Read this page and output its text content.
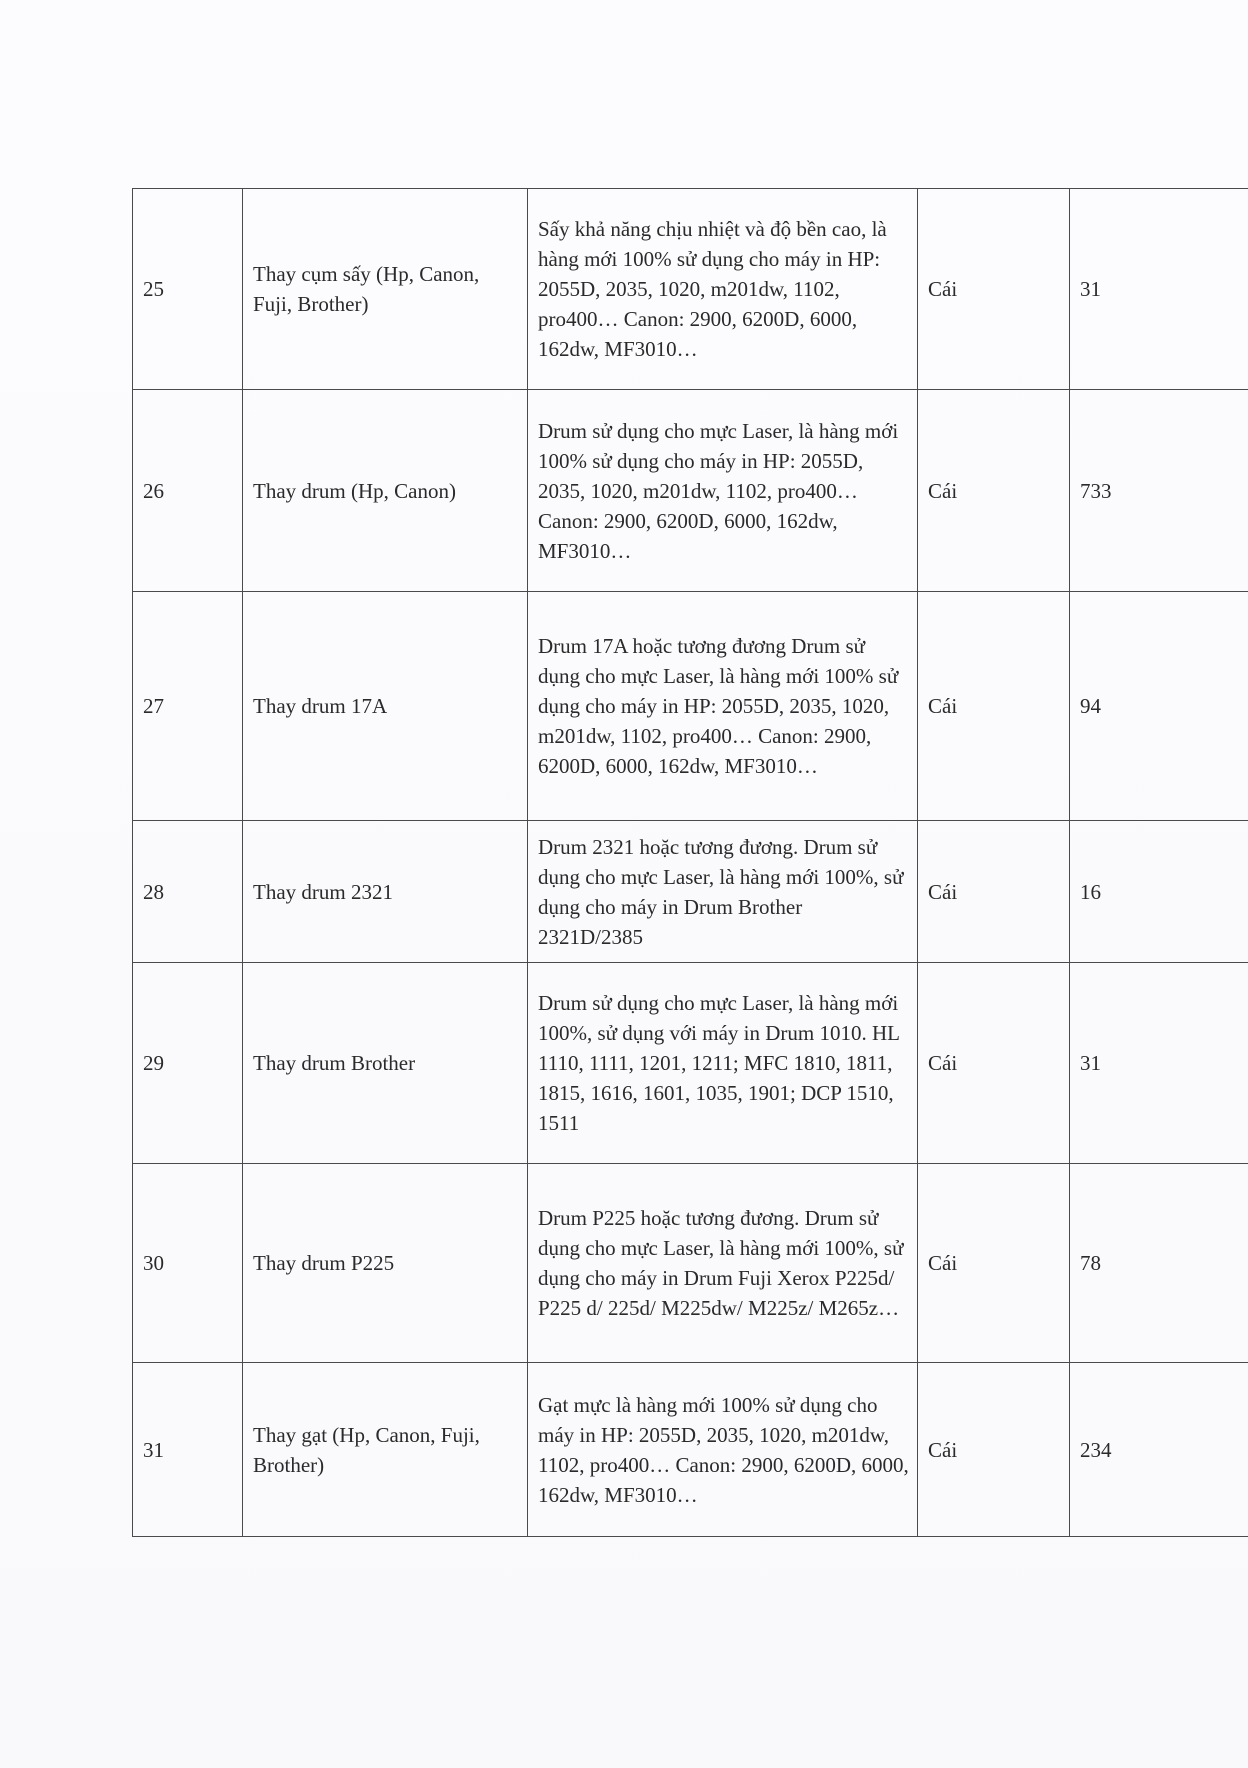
25	Thay cụm sấy (Hp, Canon, Fuji, Brother)	Sấy khả năng chịu nhiệt và độ bền cao, là hàng mới 100% sử dụng cho máy in HP: 2055D, 2035, 1020, m201dw, 1102, pro400… Canon: 2900, 6200D, 6000, 162dw, MF3010…	Cái	31
26	Thay drum (Hp, Canon)	Drum sử dụng cho mực Laser, là hàng mới 100% sử dụng cho máy in HP: 2055D, 2035, 1020, m201dw, 1102, pro400… Canon: 2900, 6200D, 6000, 162dw, MF3010…	Cái	733
27	Thay drum 17A	Drum 17A hoặc tương đương Drum sử dụng cho mực Laser, là hàng mới 100% sử dụng cho máy in HP: 2055D, 2035, 1020, m201dw, 1102, pro400… Canon: 2900, 6200D, 6000, 162dw, MF3010…	Cái	94
28	Thay drum 2321	Drum 2321 hoặc tương đương. Drum sử dụng cho mực Laser, là hàng mới 100%, sử dụng cho máy in Drum Brother 2321D/2385	Cái	16
29	Thay drum Brother	Drum sử dụng cho mực Laser, là hàng mới 100%, sử dụng với máy in Drum 1010. HL 1110, 1111, 1201, 1211; MFC 1810, 1811, 1815, 1616, 1601, 1035, 1901; DCP 1510, 1511	Cái	31
30	Thay drum P225	Drum P225 hoặc tương đương. Drum sử dụng cho mực Laser, là hàng mới 100%, sử dụng cho máy in Drum Fuji Xerox P225d/ P225 d/ 225d/ M225dw/ M225z/ M265z…	Cái	78
31	Thay gạt (Hp, Canon, Fuji, Brother)	Gạt mực là hàng mới 100% sử dụng cho máy in HP: 2055D, 2035, 1020, m201dw, 1102, pro400… Canon: 2900, 6200D, 6000, 162dw, MF3010…	Cái	234
